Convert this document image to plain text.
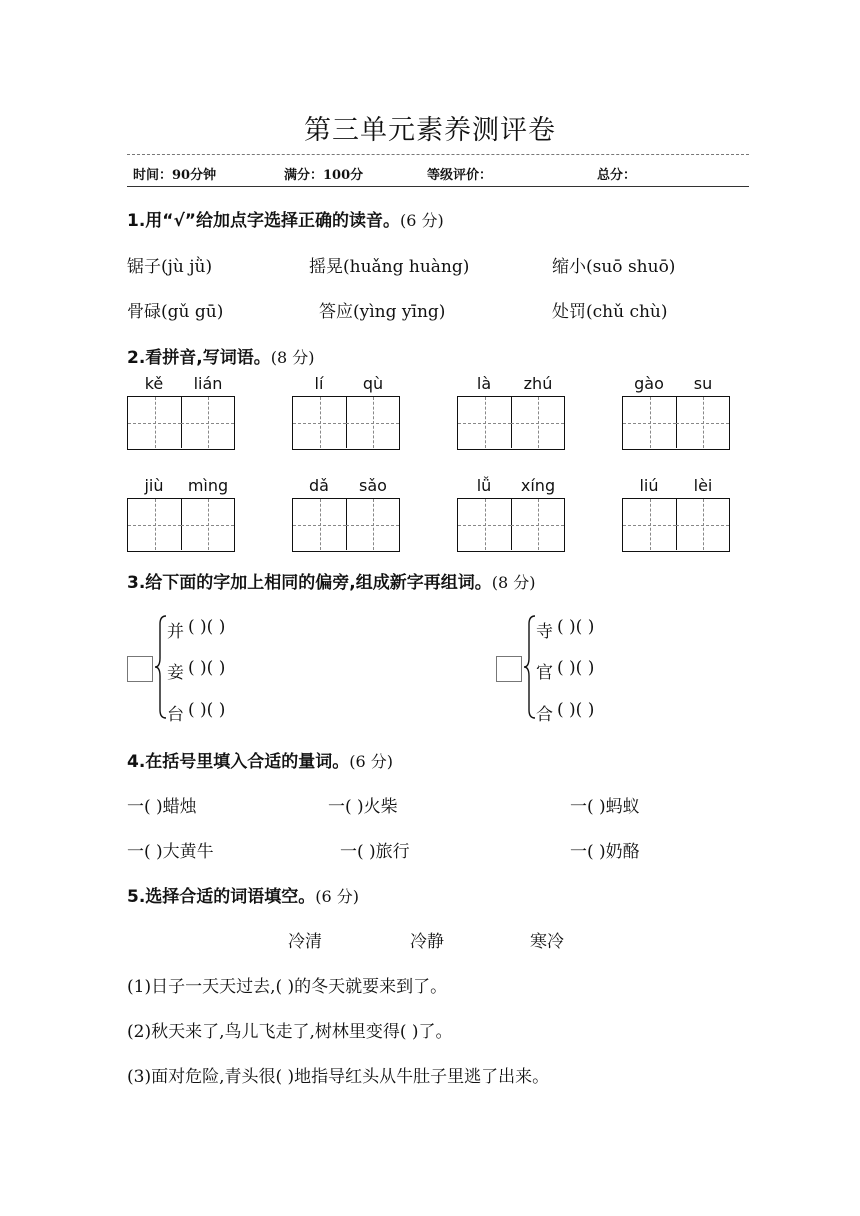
第三单元素养测评卷
时间：90分钟	满分：100分	等级评价：	总分：
1.用“√”给加点字选择正确的读音。(6 分)
锯子(jù jǜ)	摇晃(huǎng huàng)	缩小(suō shuō)
骨碌(gǔ gū)	答应(yìng yīng)	处罚(chǔ chù)
2.看拼音,写词语。(8 分)
kě	lián	lí	qù	là	zhú	gào	su
jiù	mìng	dǎ	sǎo	lǚ	xíng	liú	lèi
3.给下面的字加上相同的偏旁,组成新字再组词。(8 分)
并 ( )( )
妾 ( )( )
台 ( )( )
寺 ( )( )
官 ( )( )
合 ( )( )
4.在括号里填入合适的量词。(6 分)
一( )蜡烛	一( )火柴	一( )蚂蚁
一( )大黄牛	一( )旅行	一( )奶酪
5.选择合适的词语填空。(6 分)
冷清	冷静	寒冷
(1)日子一天天过去,( )的冬天就要来到了。
(2)秋天来了,鸟儿飞走了,树林里变得( )了。
(3)面对危险,青头很( )地指导红头从牛肚子里逃了出来。
